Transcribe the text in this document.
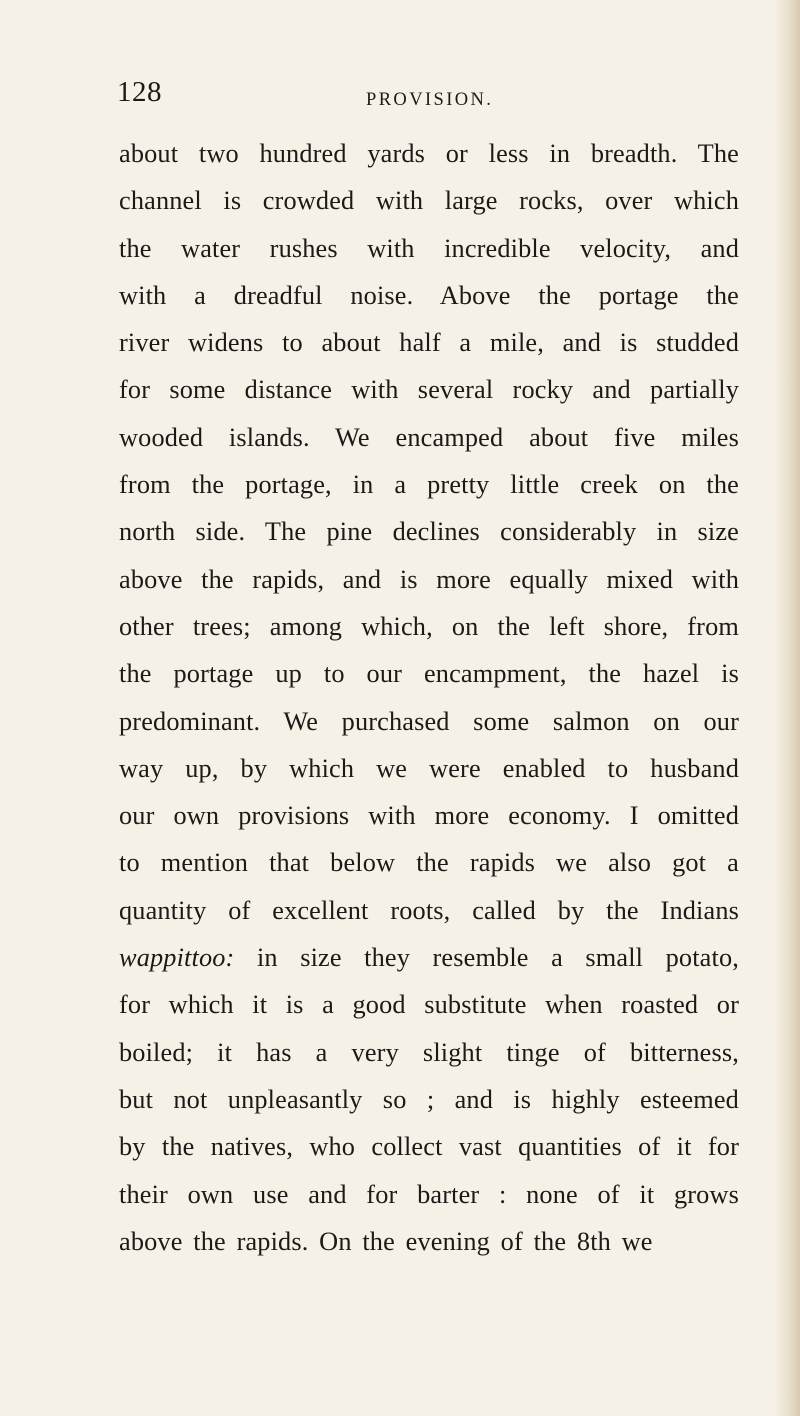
128	PROVISION.
about two hundred yards or less in breadth. The
channel is crowded with large rocks, over which
the water rushes with incredible velocity, and
with a dreadful noise. Above the portage the
river widens to about half a mile, and is studded
for some distance with several rocky and partially
wooded islands. We encamped about five miles
from the portage, in a pretty little creek on the
north side. The pine declines considerably in size
above the rapids, and is more equally mixed with
other trees; among which, on the left shore, from
the portage up to our encampment, the hazel is
predominant. We purchased some salmon on our
way up, by which we were enabled to husband
our own provisions with more economy. I omitted
to mention that below the rapids we also got a
quantity of excellent roots, called by the Indians
wappittoo: in size they resemble a small potato,
for which it is a good substitute when roasted or
boiled; it has a very slight tinge of bitterness,
but not unpleasantly so ; and is highly esteemed
by the natives, who collect vast quantities of it for
their own use and for barter : none of it grows
above the rapids. On the evening of the 8th we
